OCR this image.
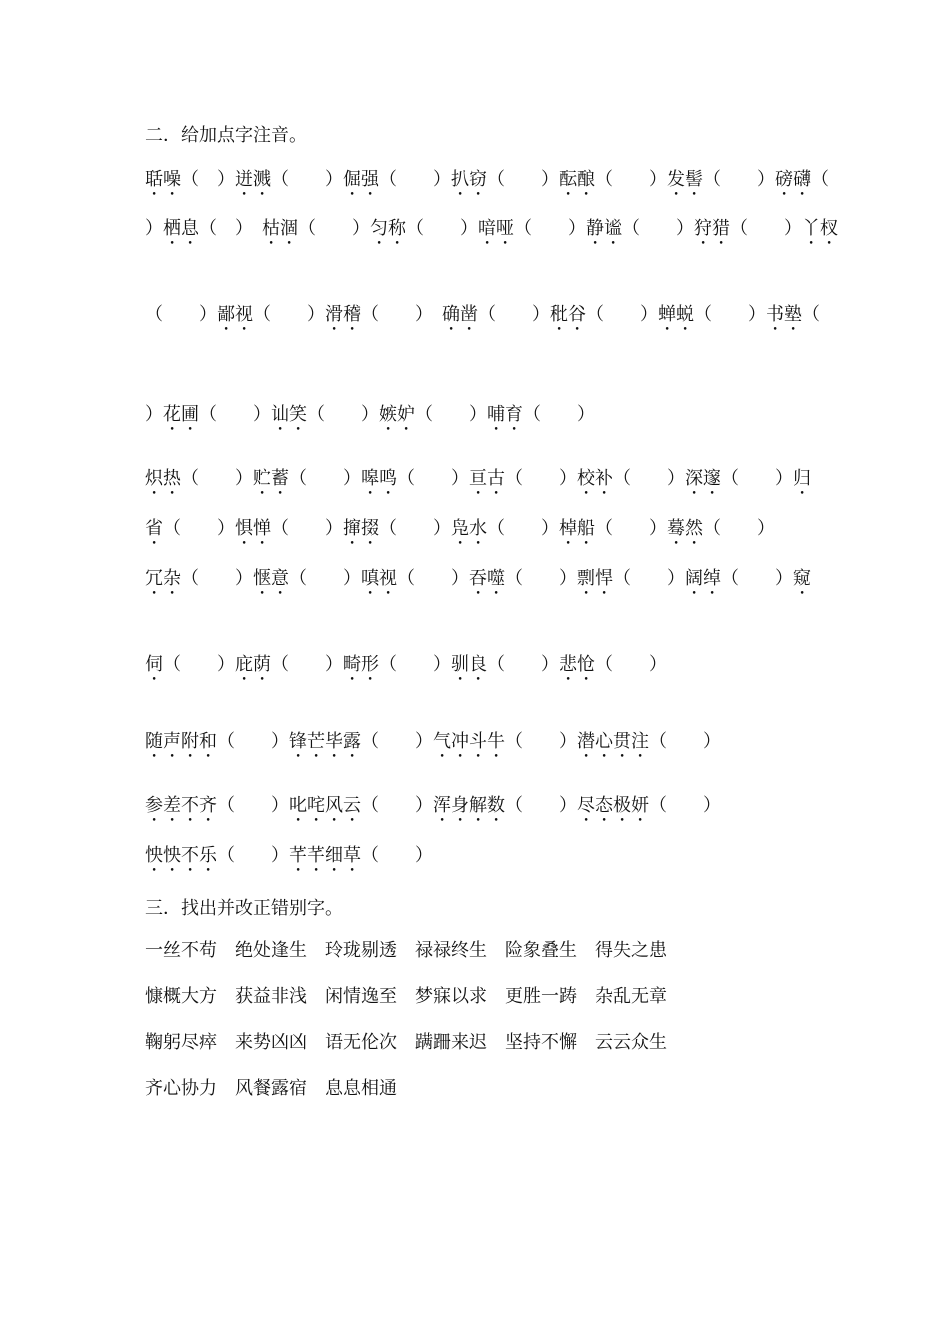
二．给加点字注音。
聒噪（　）迸溅（　　）倔强（　　）扒窃（　　）酝酿（　　）发髻（　　）磅礴（
）栖息（　）　枯涸（　　）匀称（　　）喑哑（　　）静谧（　　）狩猎（　　）丫杈
（　　）鄙视（　　）滑稽（　　）　确凿（　　）秕谷（　　）蝉蜕（　　）书塾（
）花圃（　　）讪笑（　　）嫉妒（　　）哺育（　　）
炽热（　　）贮蓄（　　）嗥鸣（　　）亘古（　　）校补（　　）深邃（　　）归
省（　　）惧惮（　　）撺掇（　　）凫水（　　）棹船（　　）蓦然（　　）
冗杂（　　）惬意（　　）嗔视（　　）吞噬（　　）剽悍（　　）阔绰（　　）窥
伺（　　）庇荫（　　）畸形（　　）驯良（　　）悲怆（　　）
随声附和（　　）锋芒毕露（　　）气冲斗牛（　　）潜心贯注（　　）
参差不齐（　　）叱咤风云（　　）浑身解数（　　）尽态极妍（　　）
怏怏不乐（　　）芊芊细草（　　）
三．找出并改正错别字。
一丝不苟　绝处逢生　玲珑剔透　禄禄终生　险象叠生　得失之患
慷概大方　获益非浅　闲情逸至　梦寐以求　更胜一踌　杂乱无章
鞠躬尽瘁　来势凶凶　语无伦次　蹒跚来迟　坚持不懈　云云众生
齐心协力　风餐露宿　息息相通
